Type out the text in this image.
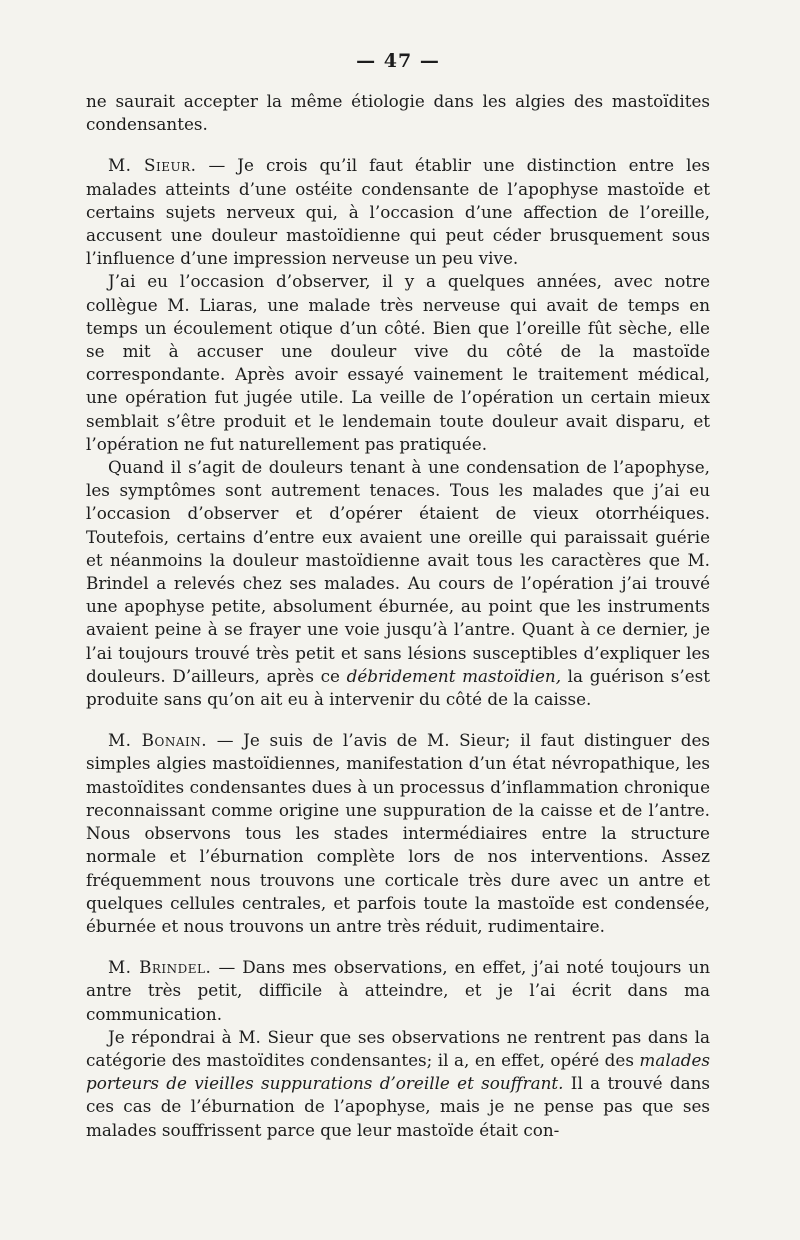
— 47 —

ne saurait accepter la même étiologie dans les algies des mastoïdites condensantes.

M. Sieur. — Je crois qu’il faut établir une distinction entre les malades atteints d’une ostéite condensante de l’apophyse mastoïde et certains sujets nerveux qui, à l’occasion d’une affection de l’oreille, accusent une douleur mastoïdienne qui peut céder brusquement sous l’influence d’une impression nerveuse un peu vive.

J’ai eu l’occasion d’observer, il y a quelques années, avec notre collègue M. Liaras, une malade très nerveuse qui avait de temps en temps un écoulement otique d’un côté. Bien que l’oreille fût sèche, elle se mit à accuser une douleur vive du côté de la mastoïde correspondante. Après avoir essayé vainement le traitement médical, une opération fut jugée utile. La veille de l’opération un certain mieux semblait s’être produit et le lendemain toute douleur avait disparu, et l’opération ne fut naturellement pas pratiquée.

Quand il s’agit de douleurs tenant à une condensation de l’apophyse, les symptômes sont autrement tenaces. Tous les malades que j’ai eu l’occasion d’observer et d’opérer étaient de vieux otorrhéiques. Toutefois, certains d’entre eux avaient une oreille qui paraissait guérie et néanmoins la douleur mastoïdienne avait tous les caractères que M. Brindel a relevés chez ses malades. Au cours de l’opération j’ai trouvé une apophyse petite, absolument éburnée, au point que les instruments avaient peine à se frayer une voie jusqu’à l’antre. Quant à ce dernier, je l’ai toujours trouvé très petit et sans lésions susceptibles d’expliquer les douleurs. D’ailleurs, après ce débridement mastoïdien, la guérison s’est produite sans qu’on ait eu à intervenir du côté de la caisse.

M. Bonain. — Je suis de l’avis de M. Sieur; il faut distinguer des simples algies mastoïdiennes, manifestation d’un état névropathique, les mastoïdites condensantes dues à un processus d’inflammation chronique reconnaissant comme origine une suppuration de la caisse et de l’antre. Nous observons tous les stades intermédiaires entre la structure normale et l’éburnation complète lors de nos interventions. Assez fréquemment nous trouvons une corticale très dure avec un antre et quelques cellules centrales, et parfois toute la mastoïde est condensée, éburnée et nous trouvons un antre très réduit, rudimentaire.

M. Brindel. — Dans mes observations, en effet, j’ai noté toujours un antre très petit, difficile à atteindre, et je l’ai écrit dans ma communication.

Je répondrai à M. Sieur que ses observations ne rentrent pas dans la catégorie des mastoïdites condensantes; il a, en effet, opéré des malades porteurs de vieilles suppurations d’oreille et souffrant. Il a trouvé dans ces cas de l’éburnation de l’apophyse, mais je ne pense pas que ses malades souffrissent parce que leur mastoïde était con-
